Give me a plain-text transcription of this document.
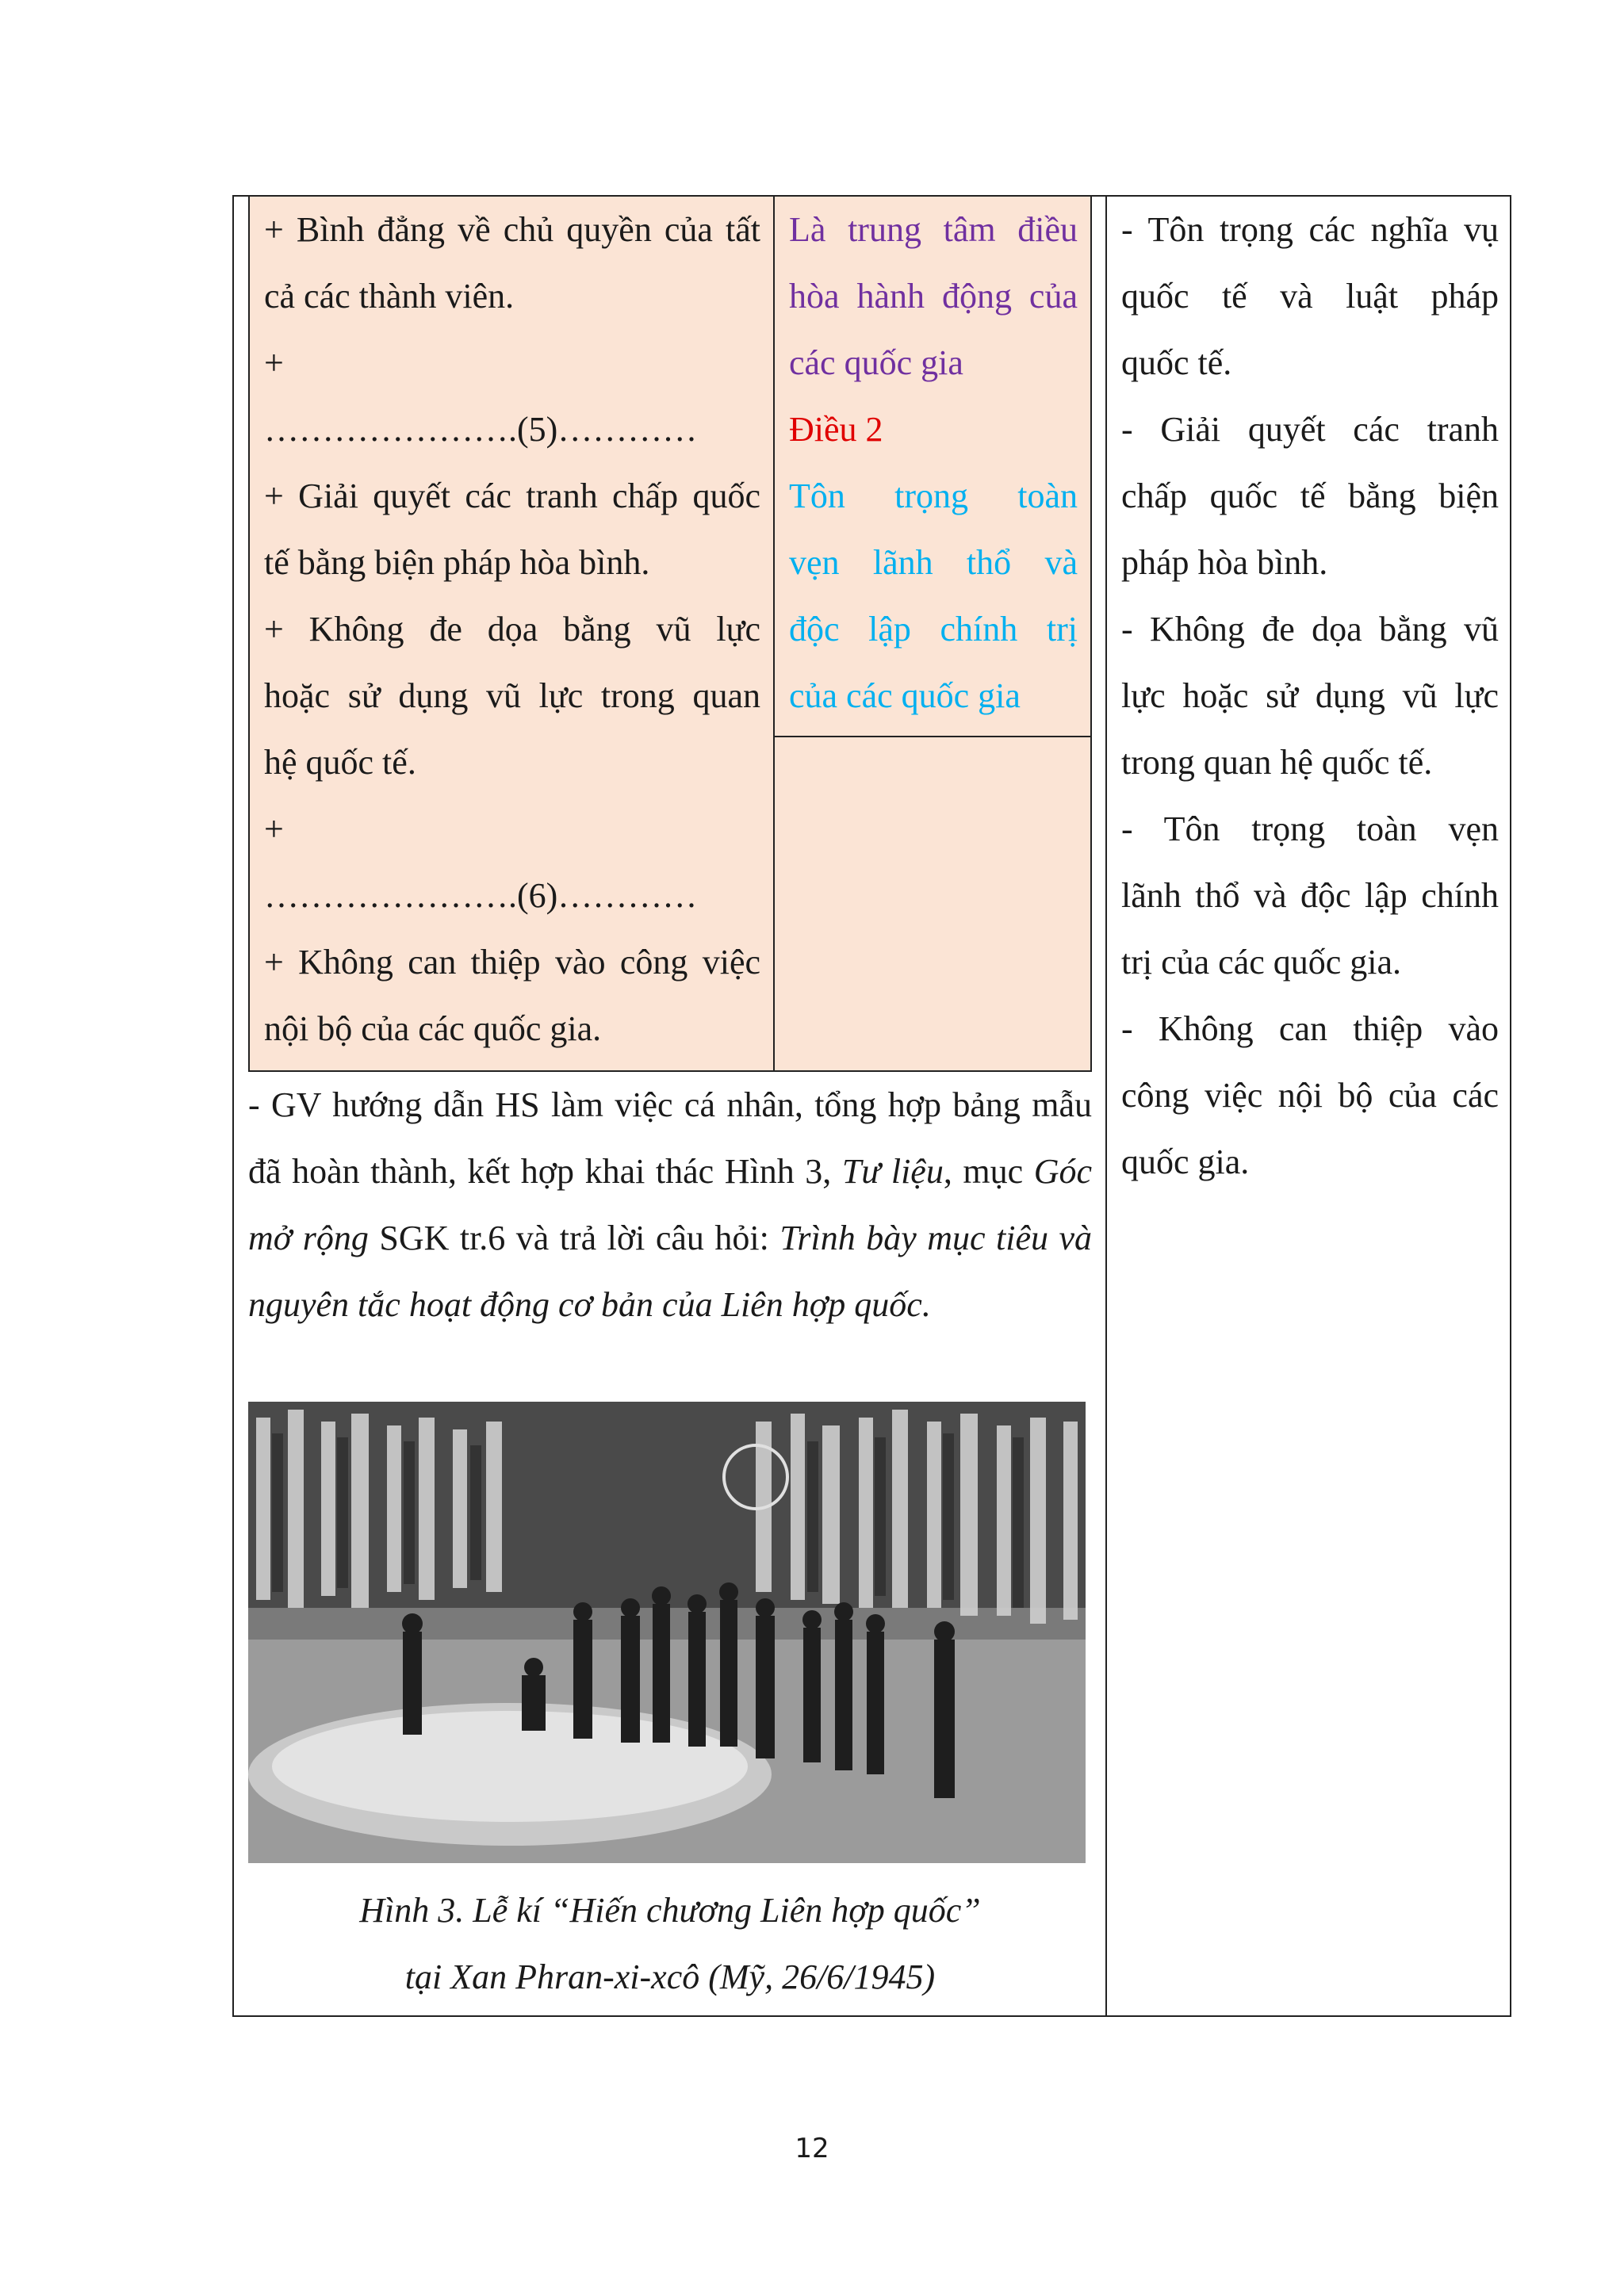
+ Bình đẳng về chủ quyền của tất
cả các thành viên.
+
………………….(5)…………
+ Giải quyết các tranh chấp quốc
tế bằng biện pháp hòa bình.
+ Không đe dọa bằng vũ lực
hoặc sử dụng vũ lực trong quan
hệ quốc tế.
+
………………….(6)…………
+ Không can thiệp vào công việc
nội bộ của các quốc gia.
Là trung tâm điều
hòa hành động của
các quốc gia
Điều 2
Tôn trọng toàn
vẹn lãnh thổ và
độc lập chính trị
của các quốc gia
- GV hướng dẫn HS làm việc cá nhân, tổng hợp bảng mẫu đã hoàn thành, kết hợp khai thác Hình 3, Tư liệu, mục Góc mở rộng SGK tr.6 và trả lời câu hỏi: Trình bày mục tiêu và nguyên tắc hoạt động cơ bản của Liên hợp quốc.
Hình 3. Lễ kí “Hiến chương Liên hợp quốc”
tại Xan Phran-xi-xcô (Mỹ, 26/6/1945)
- Tôn trọng các nghĩa vụ
quốc tế và luật pháp
quốc tế.
- Giải quyết các tranh
chấp quốc tế bằng biện
pháp hòa bình.
- Không đe dọa bằng vũ
lực hoặc sử dụng vũ lực
trong quan hệ quốc tế.
- Tôn trọng toàn vẹn
lãnh thổ và độc lập chính
trị của các quốc gia.
- Không can thiệp vào
công việc nội bộ của các
quốc gia.
12
